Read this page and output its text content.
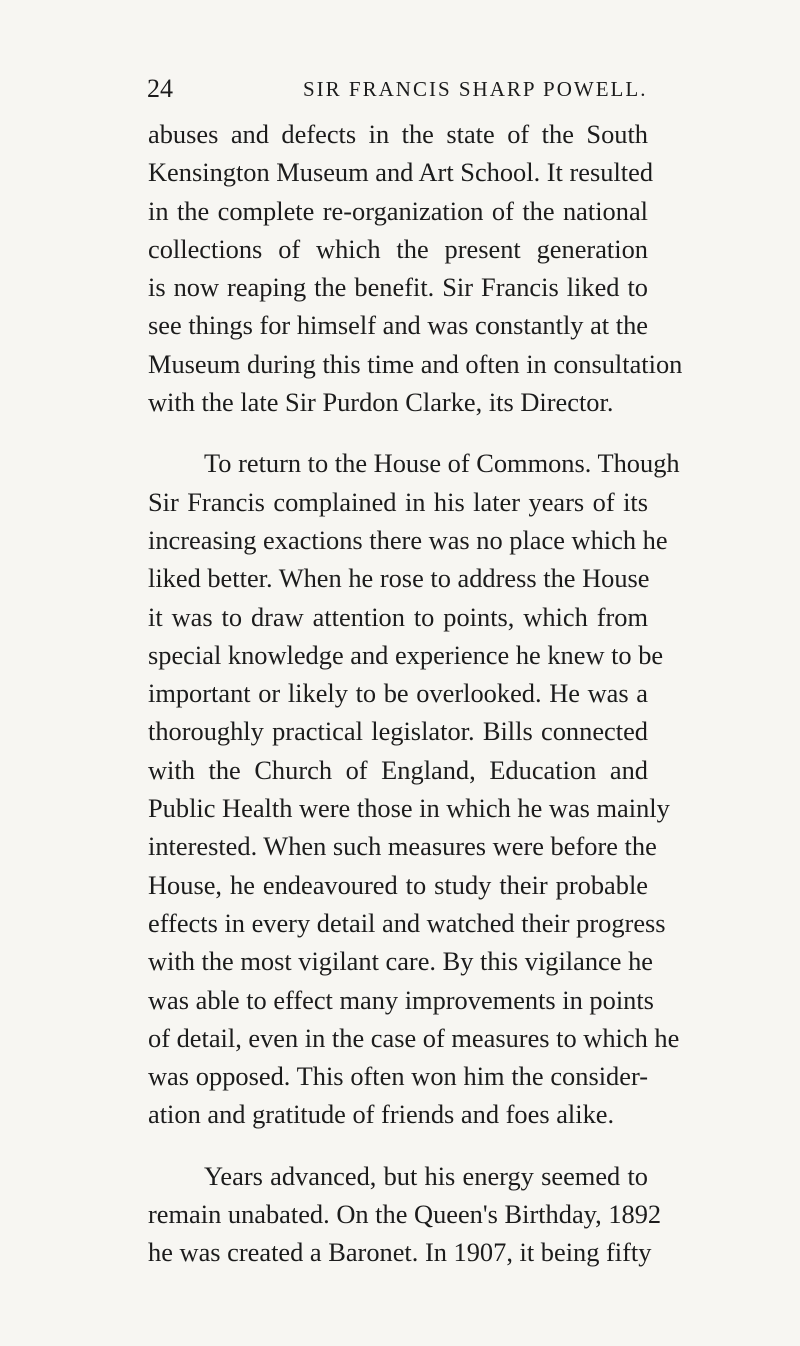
24	SIR FRANCIS SHARP POWELL.
abuses and defects in the state of the South
Kensington Museum and Art School. It resulted
in the complete re-organization of the national
collections of which the present generation
is now reaping the benefit. Sir Francis liked to
see things for himself and was constantly at the
Museum during this time and often in consultation
with the late Sir Purdon Clarke, its Director.
To return to the House of Commons. Though
Sir Francis complained in his later years of its
increasing exactions there was no place which he
liked better. When he rose to address the House
it was to draw attention to points, which from
special knowledge and experience he knew to be
important or likely to be overlooked. He was a
thoroughly practical legislator. Bills connected
with the Church of England, Education and
Public Health were those in which he was mainly
interested. When such measures were before the
House, he endeavoured to study their probable
effects in every detail and watched their progress
with the most vigilant care. By this vigilance he
was able to effect many improvements in points
of detail, even in the case of measures to which he
was opposed. This often won him the consider-
ation and gratitude of friends and foes alike.
Years advanced, but his energy seemed to
remain unabated. On the Queen's Birthday, 1892
he was created a Baronet. In 1907, it being fifty
